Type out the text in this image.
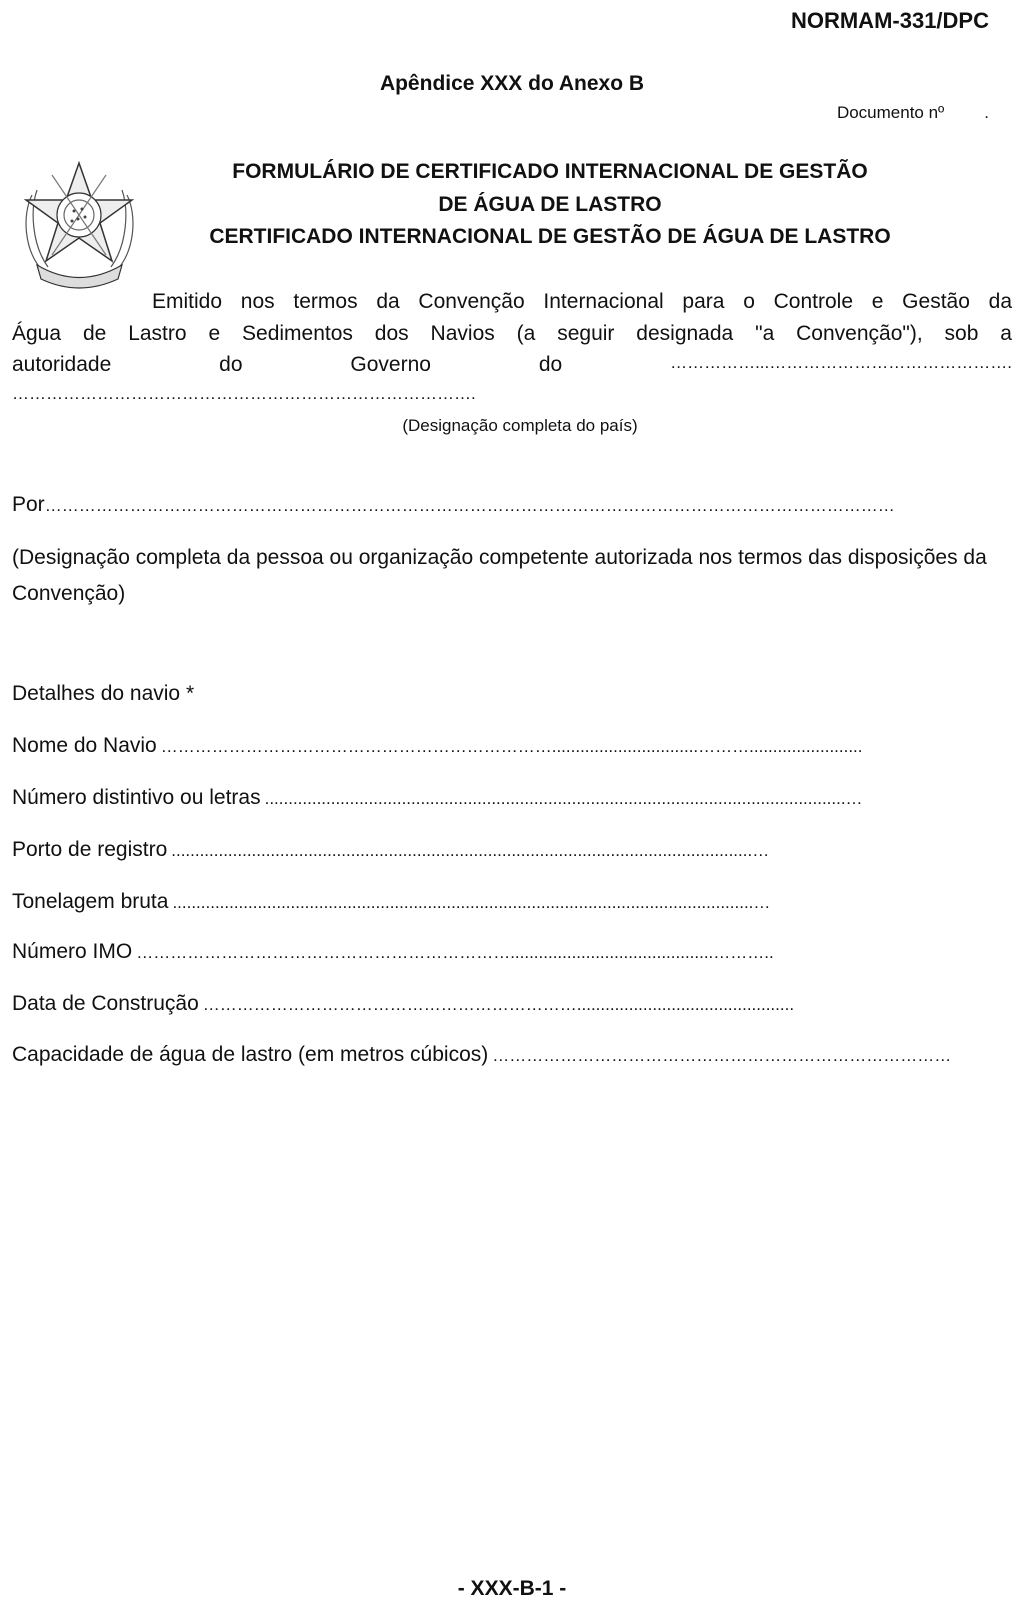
NORMAM-331/DPC
Apêndice XXX do Anexo B
Documento nº .
FORMULÁRIO DE CERTIFICADO INTERNACIONAL DE GESTÃO
DE ÁGUA DE LASTRO
CERTIFICADO INTERNACIONAL DE GESTÃO DE ÁGUA DE LASTRO
Emitido nos termos da Convenção Internacional para o Controle e Gestão da
Água de Lastro e Sedimentos dos Navios (a seguir designada "a Convenção"), sob a
autoridade	do	Governo	do	……………...…………………………………….
……………………………………………………………………….
(Designação completa do país)
Por ……………………………………………………………………………………………………………………………………
(Designação completa da pessoa ou organização competente autorizada nos termos das disposições da Convenção)
Detalhes do navio *
Nome do Navio ……………………………………………………………...............................………........................
Número distintivo ou letras ...........................................................................................................................…
Porto de registro ...........................................................................................................................…
Tonelagem bruta ...........................................................................................................................…
Número IMO …………………………………………………………...........................................………..
Data de Construção …………………………………………………………..............................................
Capacidade de água de lastro (em metros cúbicos) ………………………………………………………………………
- XXX-B-1 -
